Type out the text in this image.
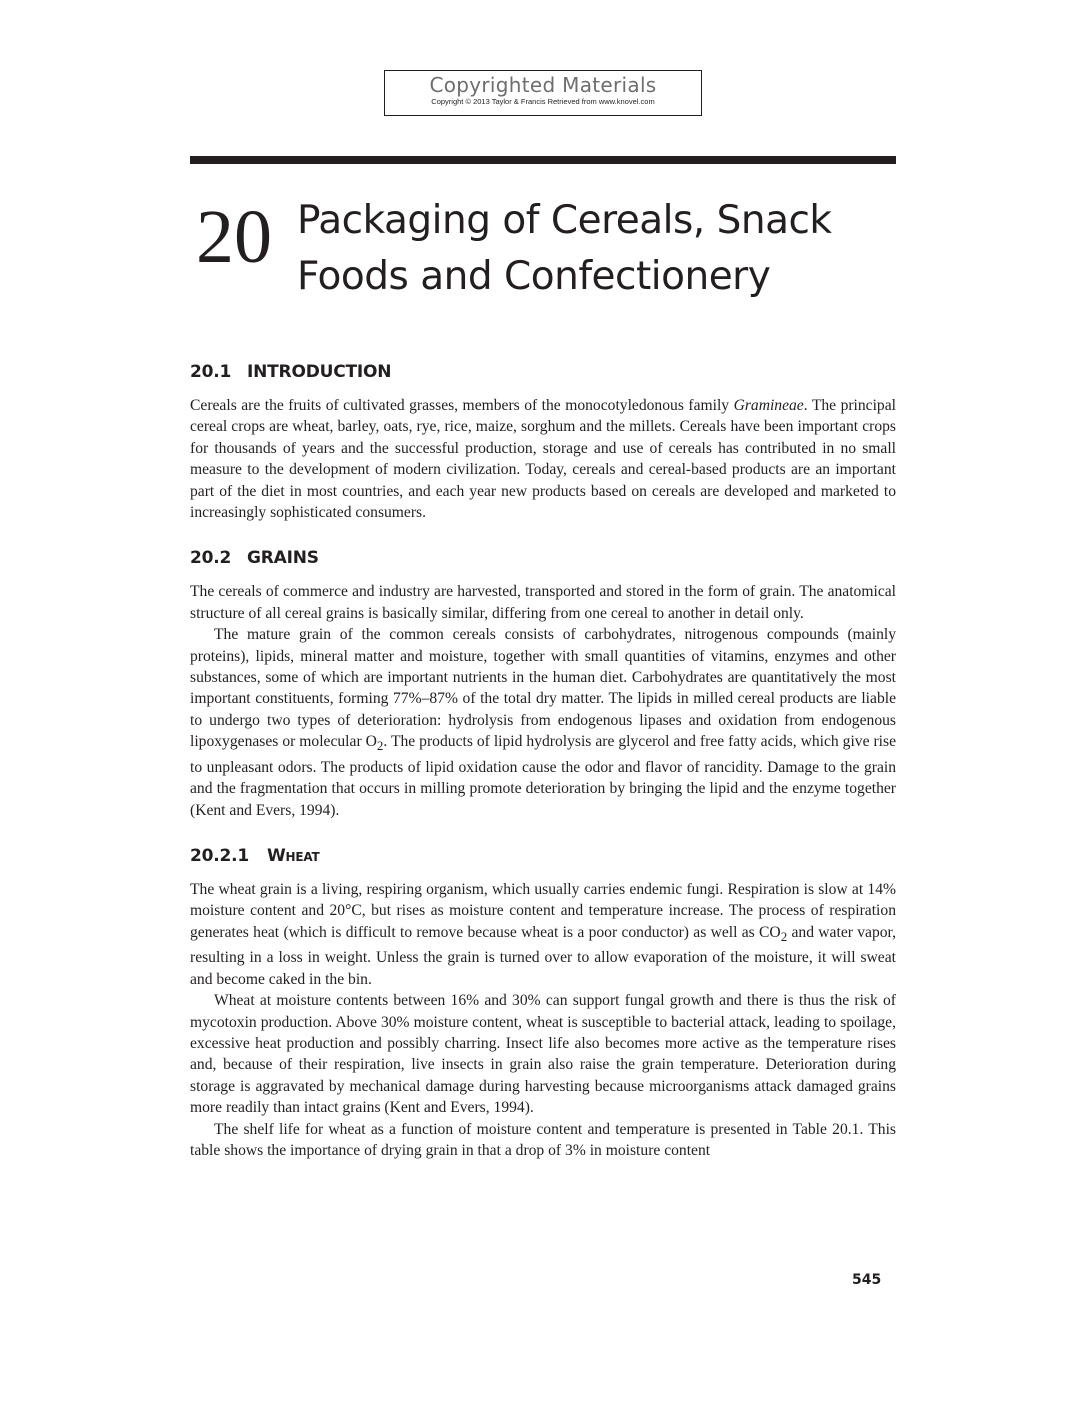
Copyrighted Materials
Copyright © 2013 Taylor & Francis Retrieved from www.knovel.com
20 Packaging of Cereals, Snack Foods and Confectionery
20.1 INTRODUCTION

Cereals are the fruits of cultivated grasses, members of the monocotyledonous family Gramineae. The principal cereal crops are wheat, barley, oats, rye, rice, maize, sorghum and the millets. Cereals have been important crops for thousands of years and the successful production, storage and use of cereals has contributed in no small measure to the development of modern civilization. Today, cereals and cereal-based products are an important part of the diet in most countries, and each year new products based on cereals are developed and marketed to increasingly sophisticated consumers.

20.2 GRAINS

The cereals of commerce and industry are harvested, transported and stored in the form of grain. The anatomical structure of all cereal grains is basically similar, differing from one cereal to another in detail only.

The mature grain of the common cereals consists of carbohydrates, nitrogenous compounds (mainly proteins), lipids, mineral matter and moisture, together with small quantities of vitamins, enzymes and other substances, some of which are important nutrients in the human diet. Carbohydrates are quantitatively the most important constituents, forming 77%–87% of the total dry matter. The lipids in milled cereal products are liable to undergo two types of deterioration: hydrolysis from endogenous lipases and oxidation from endogenous lipoxygenases or molecular $O_2$. The products of lipid hydrolysis are glycerol and free fatty acids, which give rise to unpleasant odors. The products of lipid oxidation cause the odor and flavor of rancidity. Damage to the grain and the fragmentation that occurs in milling promote deterioration by bringing the lipid and the enzyme together (Kent and Evers, 1994).

20.2.1 Wheat

The wheat grain is a living, respiring organism, which usually carries endemic fungi. Respiration is slow at 14% moisture content and 20°C, but rises as moisture content and temperature increase. The process of respiration generates heat (which is difficult to remove because wheat is a poor conductor) as well as $CO_2$ and water vapor, resulting in a loss in weight. Unless the grain is turned over to allow evaporation of the moisture, it will sweat and become caked in the bin.

Wheat at moisture contents between 16% and 30% can support fungal growth and there is thus the risk of mycotoxin production. Above 30% moisture content, wheat is susceptible to bacterial attack, leading to spoilage, excessive heat production and possibly charring. Insect life also becomes more active as the temperature rises and, because of their respiration, live insects in grain also raise the grain temperature. Deterioration during storage is aggravated by mechanical damage during harvesting because microorganisms attack damaged grains more readily than intact grains (Kent and Evers, 1994).

The shelf life for wheat as a function of moisture content and temperature is presented in Table 20.1. This table shows the importance of drying grain in that a drop of 3% in moisture content

545
